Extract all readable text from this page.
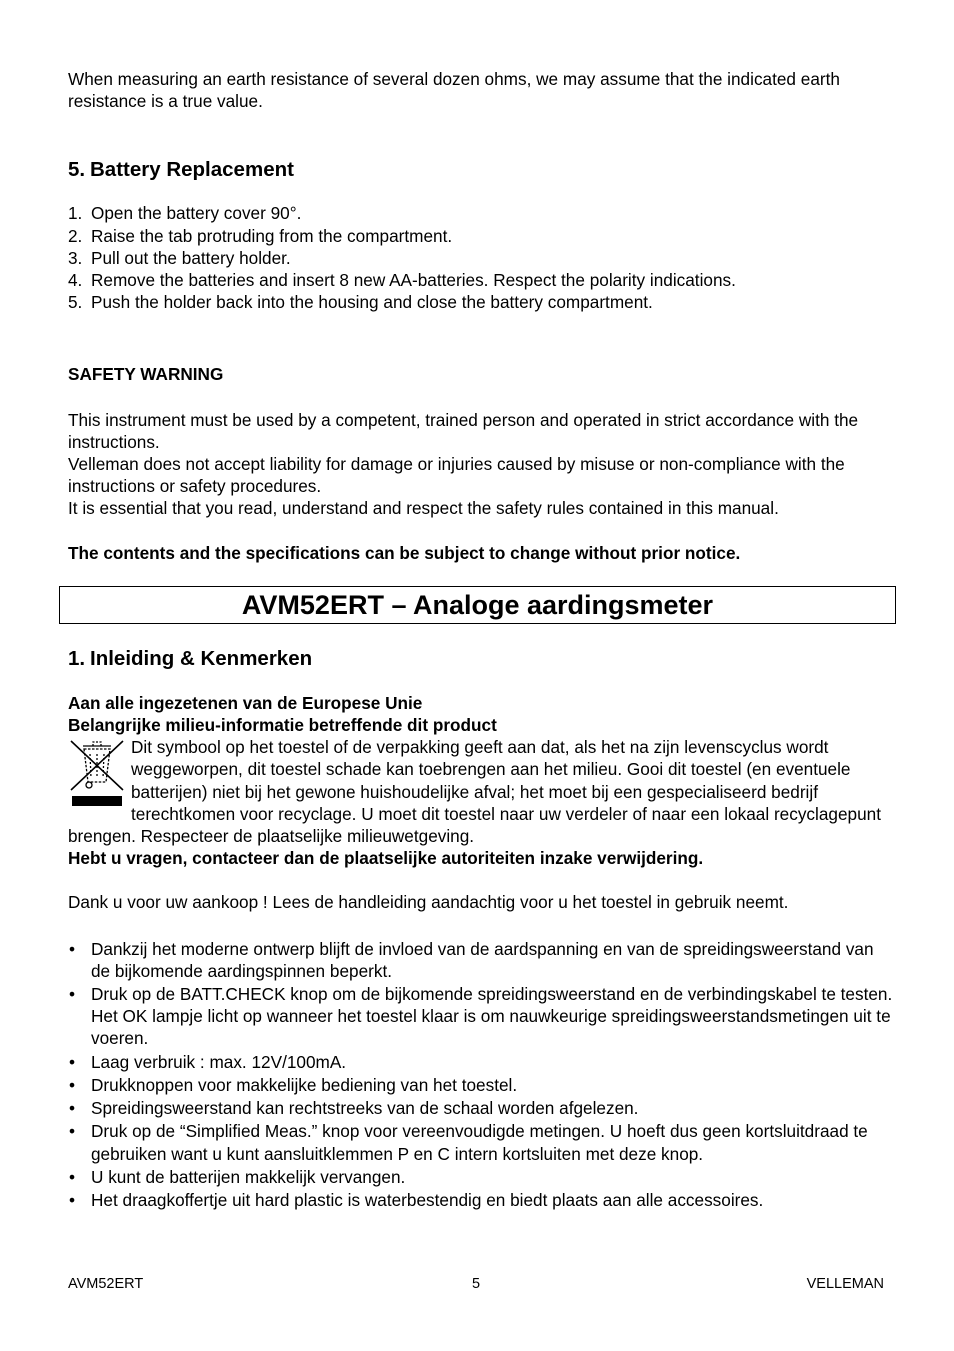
When measuring an earth resistance of several dozen ohms, we may assume that the indicated earth resistance is a true value.

5. Battery Replacement
1. Open the battery cover 90°.
2. Raise the tab protruding from the compartment.
3. Pull out the battery holder.
4. Remove the batteries and insert 8 new AA-batteries. Respect the polarity indications.
5. Push the holder back into the housing and close the battery compartment.

SAFETY WARNING

This instrument must be used by a competent, trained person and operated in strict accordance with the instructions.

Velleman does not accept liability for damage or injuries caused by misuse or non-compliance with the instructions or safety procedures.

It is essential that you read, understand and respect the safety rules contained in this manual.

The contents and the specifications can be subject to change without prior notice.

AVM52ERT – Analoge aardingsmeter
1. Inleiding & Kenmerken

Aan alle ingezetenen van de Europese Unie

Belangrijke milieu-informatie betreffende dit product

Dit symbool op het toestel of de verpakking geeft aan dat, als het na zijn levenscyclus wordt weggeworpen, dit toestel schade kan toebrengen aan het milieu. Gooi dit toestel (en eventuele batterijen) niet bij het gewone huishoudelijke afval; het moet bij een gespecialiseerd bedrijf terechtkomen voor recyclage. U moet dit toestel naar uw verdeler of naar een lokaal recyclagepunt brengen. Respecteer de plaatselijke milieuwetgeving.

Hebt u vragen, contacteer dan de plaatselijke autoriteiten inzake verwijdering.

Dank u voor uw aankoop ! Lees de handleiding aandachtig voor u het toestel in gebruik neemt.

• Dankzij het moderne ontwerp blijft de invloed van de aardspanning en van de spreidingsweerstand van de bijkomende aardingspinnen beperkt.
• Druk op de BATT.CHECK knop om de bijkomende spreidingsweerstand en de verbindingskabel te testen. Het OK lampje licht op wanneer het toestel klaar is om nauwkeurige spreidingsweerstandsmetingen uit te voeren.
• Laag verbruik : max. 12V/100mA.
• Drukknoppen voor makkelijke bediening van het toestel.
• Spreidingsweerstand kan rechtstreeks van de schaal worden afgelezen.
• Druk op de “Simplified Meas.” knop voor vereenvoudigde metingen. U hoeft dus geen kortsluitdraad te gebruiken want u kunt aansluitklemmen P en C intern kortsluiten met deze knop.
• U kunt de batterijen makkelijk vervangen.
• Het draagkoffertje uit hard plastic is waterbestendig en biedt plaats aan alle accessoires.
AVM52ERT	5	VELLEMAN
